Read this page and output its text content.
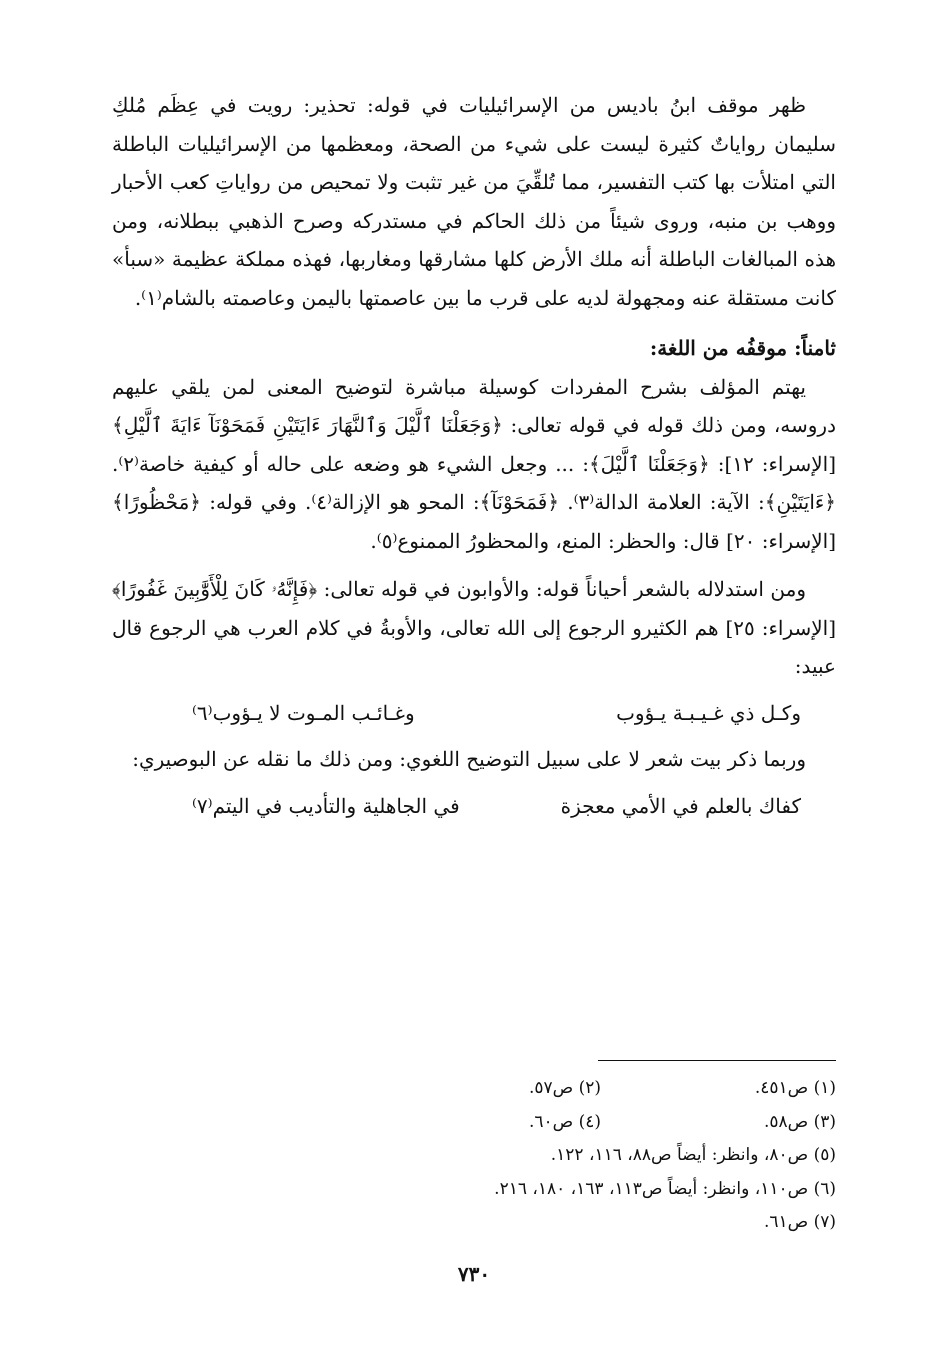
ظهر موقف ابنُ باديس من الإسرائيليات في قوله: تحذير: رويت في عِظَم مُلكِ سليمان رواياتٌ كثيرة ليست على شيء من الصحة، ومعظمها من الإسرائيليات الباطلة التي امتلأت بها كتب التفسير، مما تُلقِّيَ من غير تثبت ولا تمحيص من رواياتِ كعب الأحبار ووهب بن منبه، وروى شيئاً من ذلك الحاكم في مستدركه وصرح الذهبي ببطلانه، ومن هذه المبالغات الباطلة أنه ملك الأرض كلها مشارقها ومغاربها، فهذه مملكة عظيمة «سبأ» كانت مستقلة عنه ومجهولة لديه على قرب ما بين عاصمتها باليمن وعاصمته بالشام⁽١⁾.

ثامناً: موقفُه من اللغة:

يهتم المؤلف بشرح المفردات كوسيلة مباشرة لتوضيح المعنى لمن يلقي عليهم دروسه، ومن ذلك قوله في قوله تعالى: ﴿وَجَعَلْنَا ٱلَّيْلَ وَٱلنَّهَارَ ءَايَتَيْنِ فَمَحَوْنَآ ءَايَةَ ٱلَّيْلِ﴾ [الإسراء: ١٢]: ﴿وَجَعَلْنَا ٱلَّيْلَ﴾: ... وجعل الشيء هو وضعه على حاله أو كيفية خاصة⁽٢⁾. ﴿ءَايَتَيْنِ﴾: الآية: العلامة الدالة⁽٣⁾. ﴿فَمَحَوْنَآ﴾: المحو هو الإزالة⁽٤⁾. وفي قوله: ﴿مَحْظُورًا﴾ [الإسراء: ٢٠] قال: والحظر: المنع، والمحظورُ الممنوع⁽٥⁾.

ومن استدلاله بالشعر أحياناً قوله: والأوابون في قوله تعالى: ﴿فَإِنَّهُۥ كَانَ لِلْأَوَّٰبِينَ غَفُورًا﴾ [الإسراء: ٢٥] هم الكثيرو الرجوع إلى الله تعالى، والأوبةُ في كلام العرب هي الرجوع قال عبيد:

وكـل ذي غـيـبـة يـؤوب
وغـائـب المـوت لا يـؤوب⁽٦⁾

وربما ذكر بيت شعر لا على سبيل التوضيح اللغوي: ومن ذلك ما نقله عن البوصيري:

كفاك بالعلم في الأمي معجزة
في الجاهلية والتأديب في اليتم⁽٧⁾

(١) ص٤٥١.
(٢) ص٥٧.
(٣) ص٥٨.
(٤) ص٦٠.
(٥) ص٨٠، وانظر: أيضاً ص٨٨، ١١٦، ١٢٢.
(٦) ص١١٠، وانظر: أيضاً ص١١٣، ١٦٣، ١٨٠، ٢١٦.
(٧) ص٦١.
٧٣٠
